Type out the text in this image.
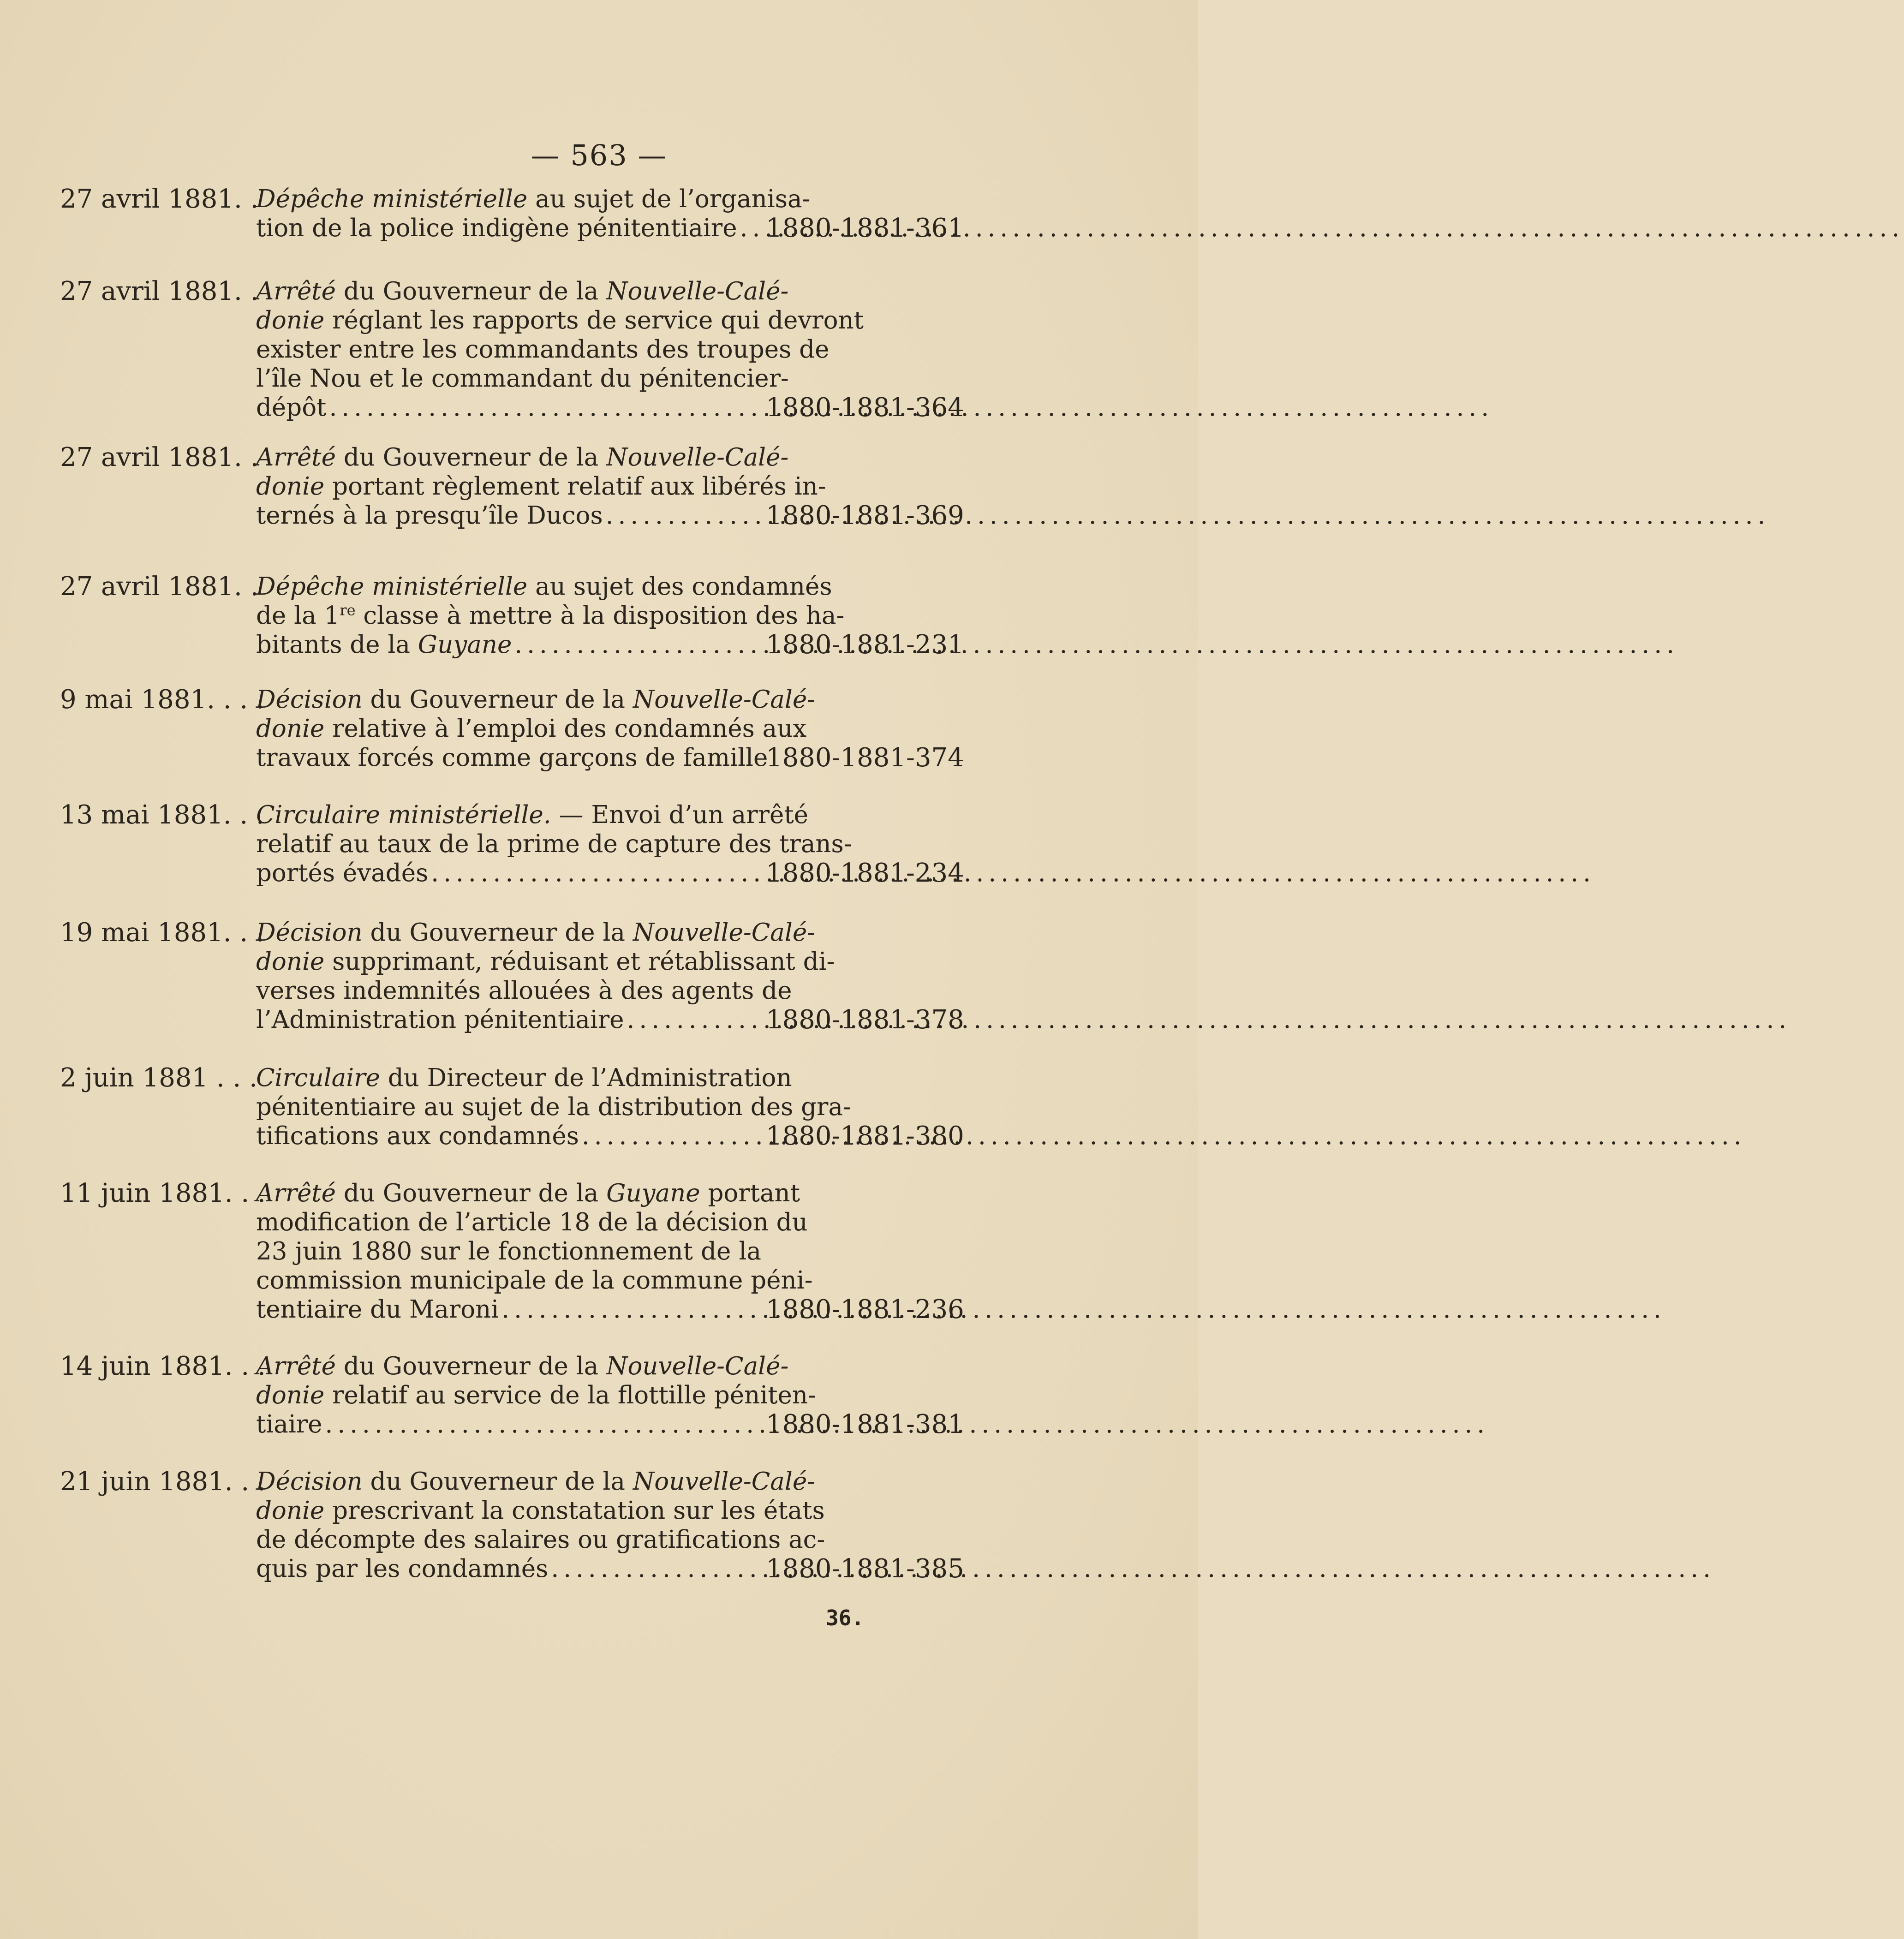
— 563 —
27 avril 1881. .
Dépêche ministérielle au sujet de l’organisa-
tion de la police indigène pénitentiaire ..... 1880-1881-361
27 avril 1881. .
Arrêté du Gouverneur de la Nouvelle-Calé-
donie réglant les rapports de service qui devront
exister entre les commandants des troupes de
l’île Nou et le commandant du pénitencier-
dépôt .....	1880-1881-364
27 avril 1881. .
Arrêté du Gouverneur de la Nouvelle-Calé-
donie portant règlement relatif aux libérés in-
ternés à la presqu’île Ducos .....	1880-1881-369
27 avril 1881. .
Dépêche ministérielle au sujet des condamnés
de la 1re classe à mettre à la disposition des ha-
bitants de la Guyane .....	1880-1881-231
9 mai 1881. . . .
Décision du Gouverneur de la Nouvelle-Calé-
donie relative à l’emploi des condamnés aux
travaux forcés comme garçons de famille
1880-1881-374
13 mai 1881. . .
Circulaire ministérielle. — Envoi d’un arrêté
relatif au taux de la prime de capture des trans-
portés évadés .....	1880-1881-234
19 mai 1881. . .
Décision du Gouverneur de la Nouvelle-Calé-
donie supprimant, réduisant et rétablissant di-
verses indemnités allouées à des agents de
l’Administration pénitentiaire .....	1880-1881-378
2 juin 1881 . . .
Circulaire du Directeur de l’Administration
pénitentiaire au sujet de la distribution des gra-
tifications aux condamnés .....	1880-1881-380
11 juin 1881. . .
Arrêté du Gouverneur de la Guyane portant
modification de l’article 18 de la décision du
23 juin 1880 sur le fonctionnement de la
commission municipale de la commune péni-
tentiaire du Maroni .....	1880-1881-236
14 juin 1881. . .
Arrêté du Gouverneur de la Nouvelle-Calé-
donie relatif au service de la flottille péniten-
tiaire .....	1880-1881-381
21 juin 1881. . .
Décision du Gouverneur de la Nouvelle-Calé-
donie prescrivant la constatation sur les états
de décompte des salaires ou gratifications ac-
quis par les condamnés .....	1880-1881-385
36.
